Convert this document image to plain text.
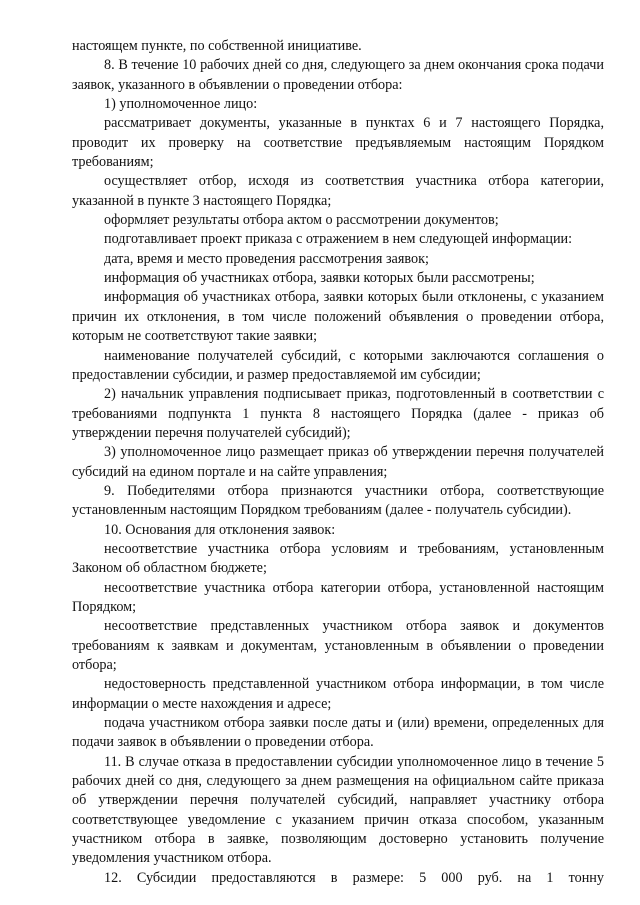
настоящем пункте, по собственной инициативе.

8. В течение 10 рабочих дней со дня, следующего за днем окончания срока подачи заявок, указанного в объявлении о проведении отбора:

1) уполномоченное лицо:

рассматривает документы, указанные в пунктах 6 и 7 настоящего Порядка, проводит их проверку на соответствие предъявляемым настоящим Порядком требованиям;

осуществляет отбор, исходя из соответствия участника отбора категории, указанной в пункте 3 настоящего Порядка;

оформляет результаты отбора актом о рассмотрении документов;

подготавливает проект приказа с отражением в нем следующей информации:

дата, время и место проведения рассмотрения заявок;

информация об участниках отбора, заявки которых были рассмотрены;

информация об участниках отбора, заявки которых были отклонены, с указанием причин их отклонения, в том числе положений объявления о проведении отбора, которым не соответствуют такие заявки;

наименование получателей субсидий, с которыми заключаются соглашения о предоставлении субсидии, и размер предоставляемой им субсидии;

2) начальник управления подписывает приказ, подготовленный в соответствии с требованиями подпункта 1 пункта 8 настоящего Порядка (далее - приказ об утверждении перечня получателей субсидий);

3) уполномоченное лицо размещает приказ об утверждении перечня получателей субсидий на едином портале и на сайте управления;

9. Победителями отбора признаются участники отбора, соответствующие установленным настоящим Порядком требованиям (далее - получатель субсидии).

10. Основания для отклонения заявок:

несоответствие участника отбора условиям и требованиям, установленным Законом об областном бюджете;

несоответствие участника отбора категории отбора, установленной настоящим Порядком;

несоответствие представленных участником отбора заявок и документов требованиям к заявкам и документам, установленным в объявлении о проведении отбора;

недостоверность представленной участником отбора информации, в том числе информации о месте нахождения и адресе;

подача участником отбора заявки после даты и (или) времени, определенных для подачи заявок в объявлении о проведении отбора.

11. В случае отказа в предоставлении субсидии уполномоченное лицо в течение 5 рабочих дней со дня, следующего за днем размещения на официальном сайте приказа об утверждении перечня получателей субсидий, направляет участнику отбора соответствующее уведомление с указанием причин отказа способом, указанным участником отбора в заявке, позволяющим достоверно установить получение уведомления участником отбора.

12. Субсидии предоставляются в размере: 5 000 руб. на 1 тонну
